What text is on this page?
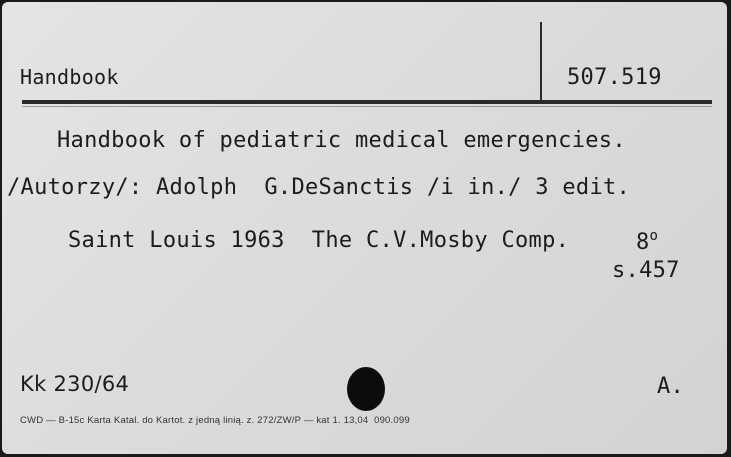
Handbook	507.519
Handbook of pediatric medical emergencies.
/Autorzy/: Adolph  G.DeSanctis /i in./ 3 edit.
Saint Louis 1963  The C.V.Mosby Comp.	8$^o$
s.457
Kk 230/64	A.
CWD — B-15c Karta Katal. do Kartot. z jedną linią. z. 272/ZW/P — kat 1. 13,04  090.099
